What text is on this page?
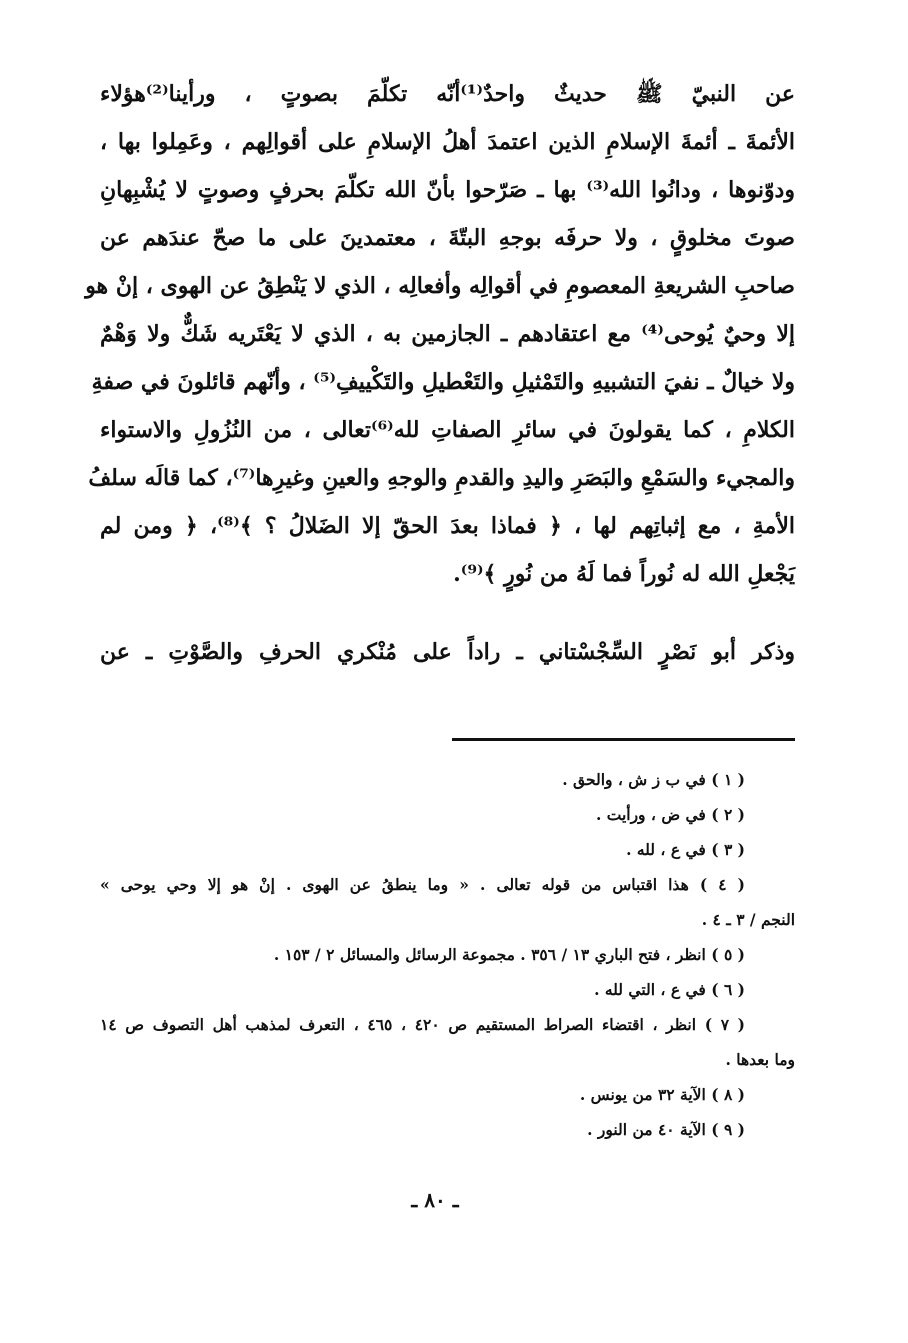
عن النبيّ ﷺ حديثٌ واحدٌ⁽¹⁾أنّه تكلّمَ بصوتٍ ، ورأينا⁽²⁾هؤلاء
الأئمةَ ـ أئمةَ الإسلامِ الذين اعتمدَ أهلُ الإسلامِ على أقوالِهم ، وعَمِلوا بها ،
ودوّنوها ، ودانُوا الله⁽³⁾ بها ـ صَرّحوا بأنّ الله تكلّمَ بحرفٍ وصوتٍ لا يُشْبِهانِ
صوتَ مخلوقٍ ، ولا حرفَه بوجهِ البتّةَ ، معتمدينَ على ما صحّ عندَهم عن
صاحبِ الشريعةِ المعصومِ في أقوالِه وأفعالِه ، الذي لا يَنْطِقُ عن الهوى ، إنْ هو
إلا وحيٌ يُوحى⁽⁴⁾ مع اعتقادهم ـ الجازمين به ، الذي لا يَعْتَريه شَكٌّ ولا وَهْمٌ
ولا خيالٌ ـ نفيَ التشبيهِ والتَمْثيلِ والتَعْطيلِ والتَكْييفِ⁽⁵⁾ ، وأنّهم قائلونَ في صفةِ
الكلامِ ، كما يقولونَ في سائرِ الصفاتِ لله⁽⁶⁾تعالى ، من النُزُولِ والاستواء
والمجيء والسَمْعِ والبَصَرِ واليدِ والقدمِ والوجهِ والعينِ وغيرِها⁽⁷⁾، كما قالَه سلفُ
الأمةِ ، مع إثباتِهم لها ، ﴿ فماذا بعدَ الحقّ إلا الضَلالُ ؟ ﴾⁽⁸⁾، ﴿ ومن لم
يَجْعلِ الله له نُوراً فما لَهُ من نُورٍ ﴾⁽⁹⁾.
وذكر أبو نَصْرٍ السِّجْسْتاني ـ راداً على مُنْكري الحرفِ والصَّوْتِ ـ عن
( ١ ) في ب ز ش ، والحق .
( ٢ ) في ض ، ورأيت .
( ٣ ) في ع ، لله .
( ٤ ) هذا اقتباس من قوله تعالى . « وما ينطقُ عن الهوى . إنْ هو إلا وحي يوحى »
النجم / ٣ ـ ٤ .
( ٥ ) انظر ، فتح الباري ١٣ / ٣٥٦ . مجموعة الرسائل والمسائل ٢ / ١٥٣ .
( ٦ ) في ع ، التي لله .
( ٧ ) انظر ، اقتضاء الصراط المستقيم ص ٤٢٠ ، ٤٦٥ ، التعرف لمذهب أهل التصوف ص ١٤
وما بعدها .
( ٨ ) الآية ٣٢ من يونس .
( ٩ ) الآية ٤٠ من النور .
ـ ٨٠ ـ
